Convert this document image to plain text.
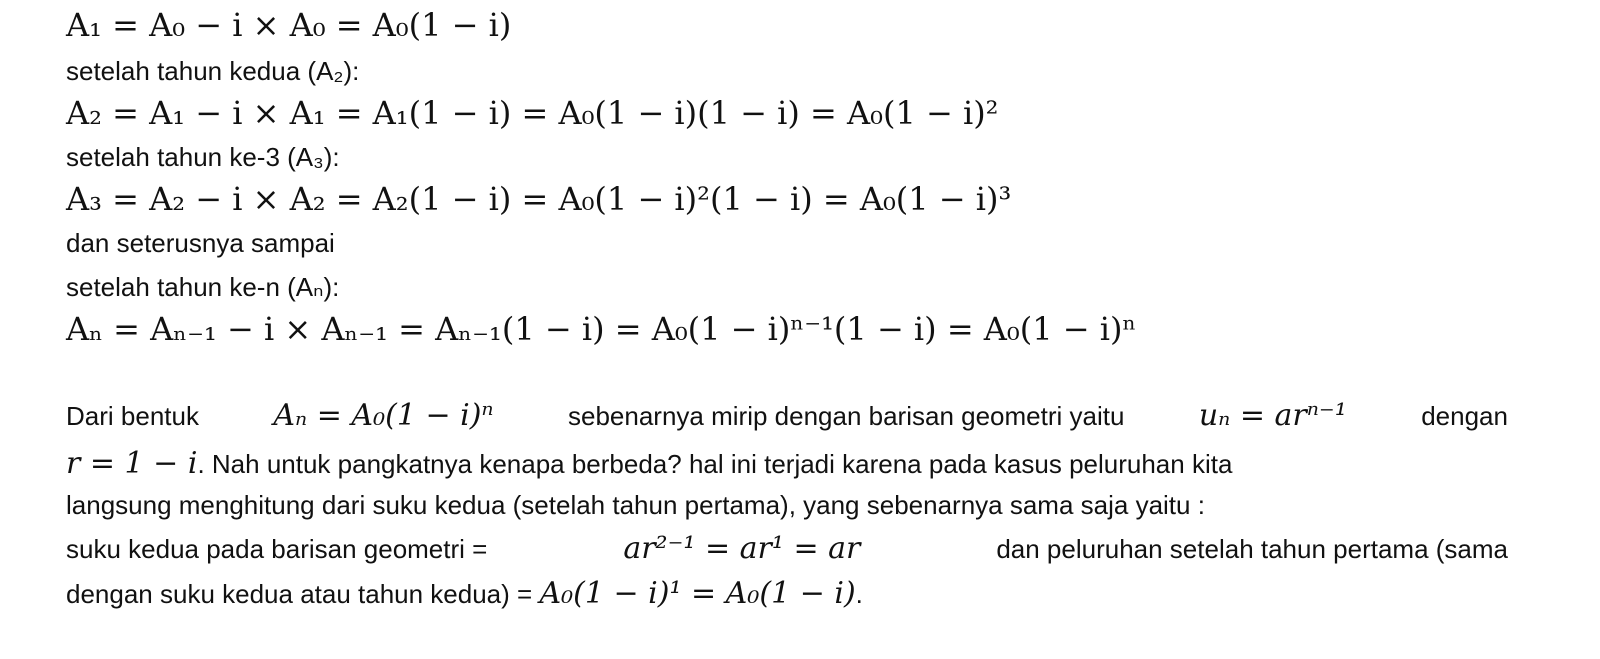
A₁ = A₀ − i × A₀ = A₀(1 − i)
setelah tahun kedua (A₂):
A₂ = A₁ − i × A₁ = A₁(1 − i) = A₀(1 − i)(1 − i) = A₀(1 − i)²
setelah tahun ke-3 (A₃):
A₃ = A₂ − i × A₂ = A₂(1 − i) = A₀(1 − i)²(1 − i) = A₀(1 − i)³
dan seterusnya sampai
setelah tahun ke-n (Aₙ):
Aₙ = Aₙ₋₁ − i × Aₙ₋₁ = Aₙ₋₁(1 − i) = A₀(1 − i)ⁿ⁻¹(1 − i) = A₀(1 − i)ⁿ
Dari bentuk Aₙ = A₀(1 − i)ⁿ	sebenarnya mirip dengan barisan geometri yaitu uₙ = arⁿ⁻¹	dengan
r = 1 − i. Nah untuk pangkatnya kenapa berbeda? hal ini terjadi karena pada kasus peluruhan kita
langsung menghitung dari suku kedua (setelah tahun pertama), yang sebenarnya sama saja yaitu :
suku kedua pada barisan geometri =	ar²⁻¹ = ar¹ = ar	dan peluruhan setelah tahun pertama (sama
dengan suku kedua atau tahun kedua) = A₀(1 − i)¹ = A₀(1 − i).
